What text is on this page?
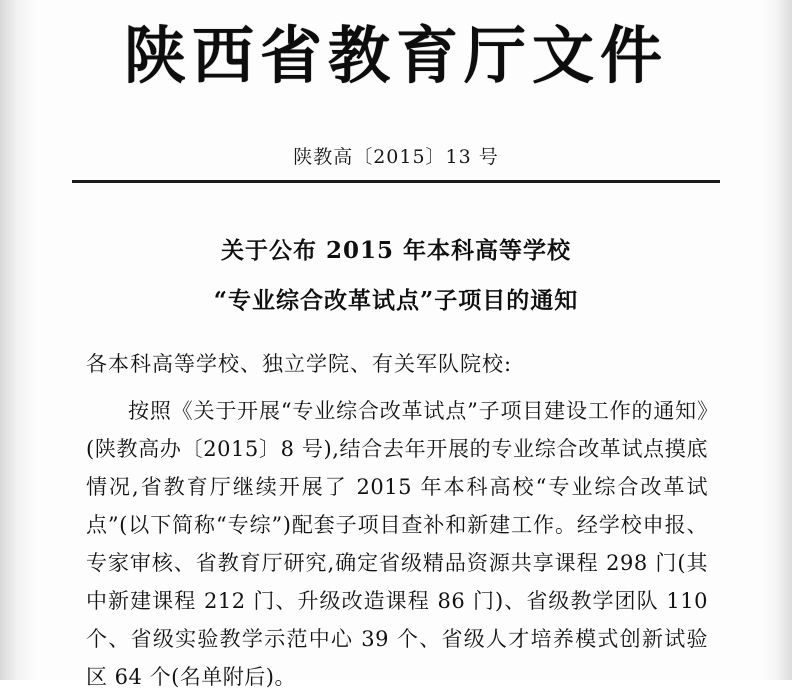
陕西省教育厅文件
陕教高〔2015〕13 号
关于公布 2015 年本科高等学校
“专业综合改革试点”子项目的通知
各本科高等学校、独立学院、有关军队院校:

按照《关于开展“专业综合改革试点”子项目建设工作的通知》(陕教高办〔2015〕8 号),结合去年开展的专业综合改革试点摸底情况,省教育厅继续开展了 2015 年本科高校“专业综合改革试点”(以下简称“专综”)配套子项目查补和新建工作。经学校申报、专家审核、省教育厅研究,确定省级精品资源共享课程 298 门(其中新建课程 212 门、升级改造课程 86 门)、省级教学团队 110 个、省级实验教学示范中心 39 个、省级人才培养模式创新试验区 64 个(名单附后)。
